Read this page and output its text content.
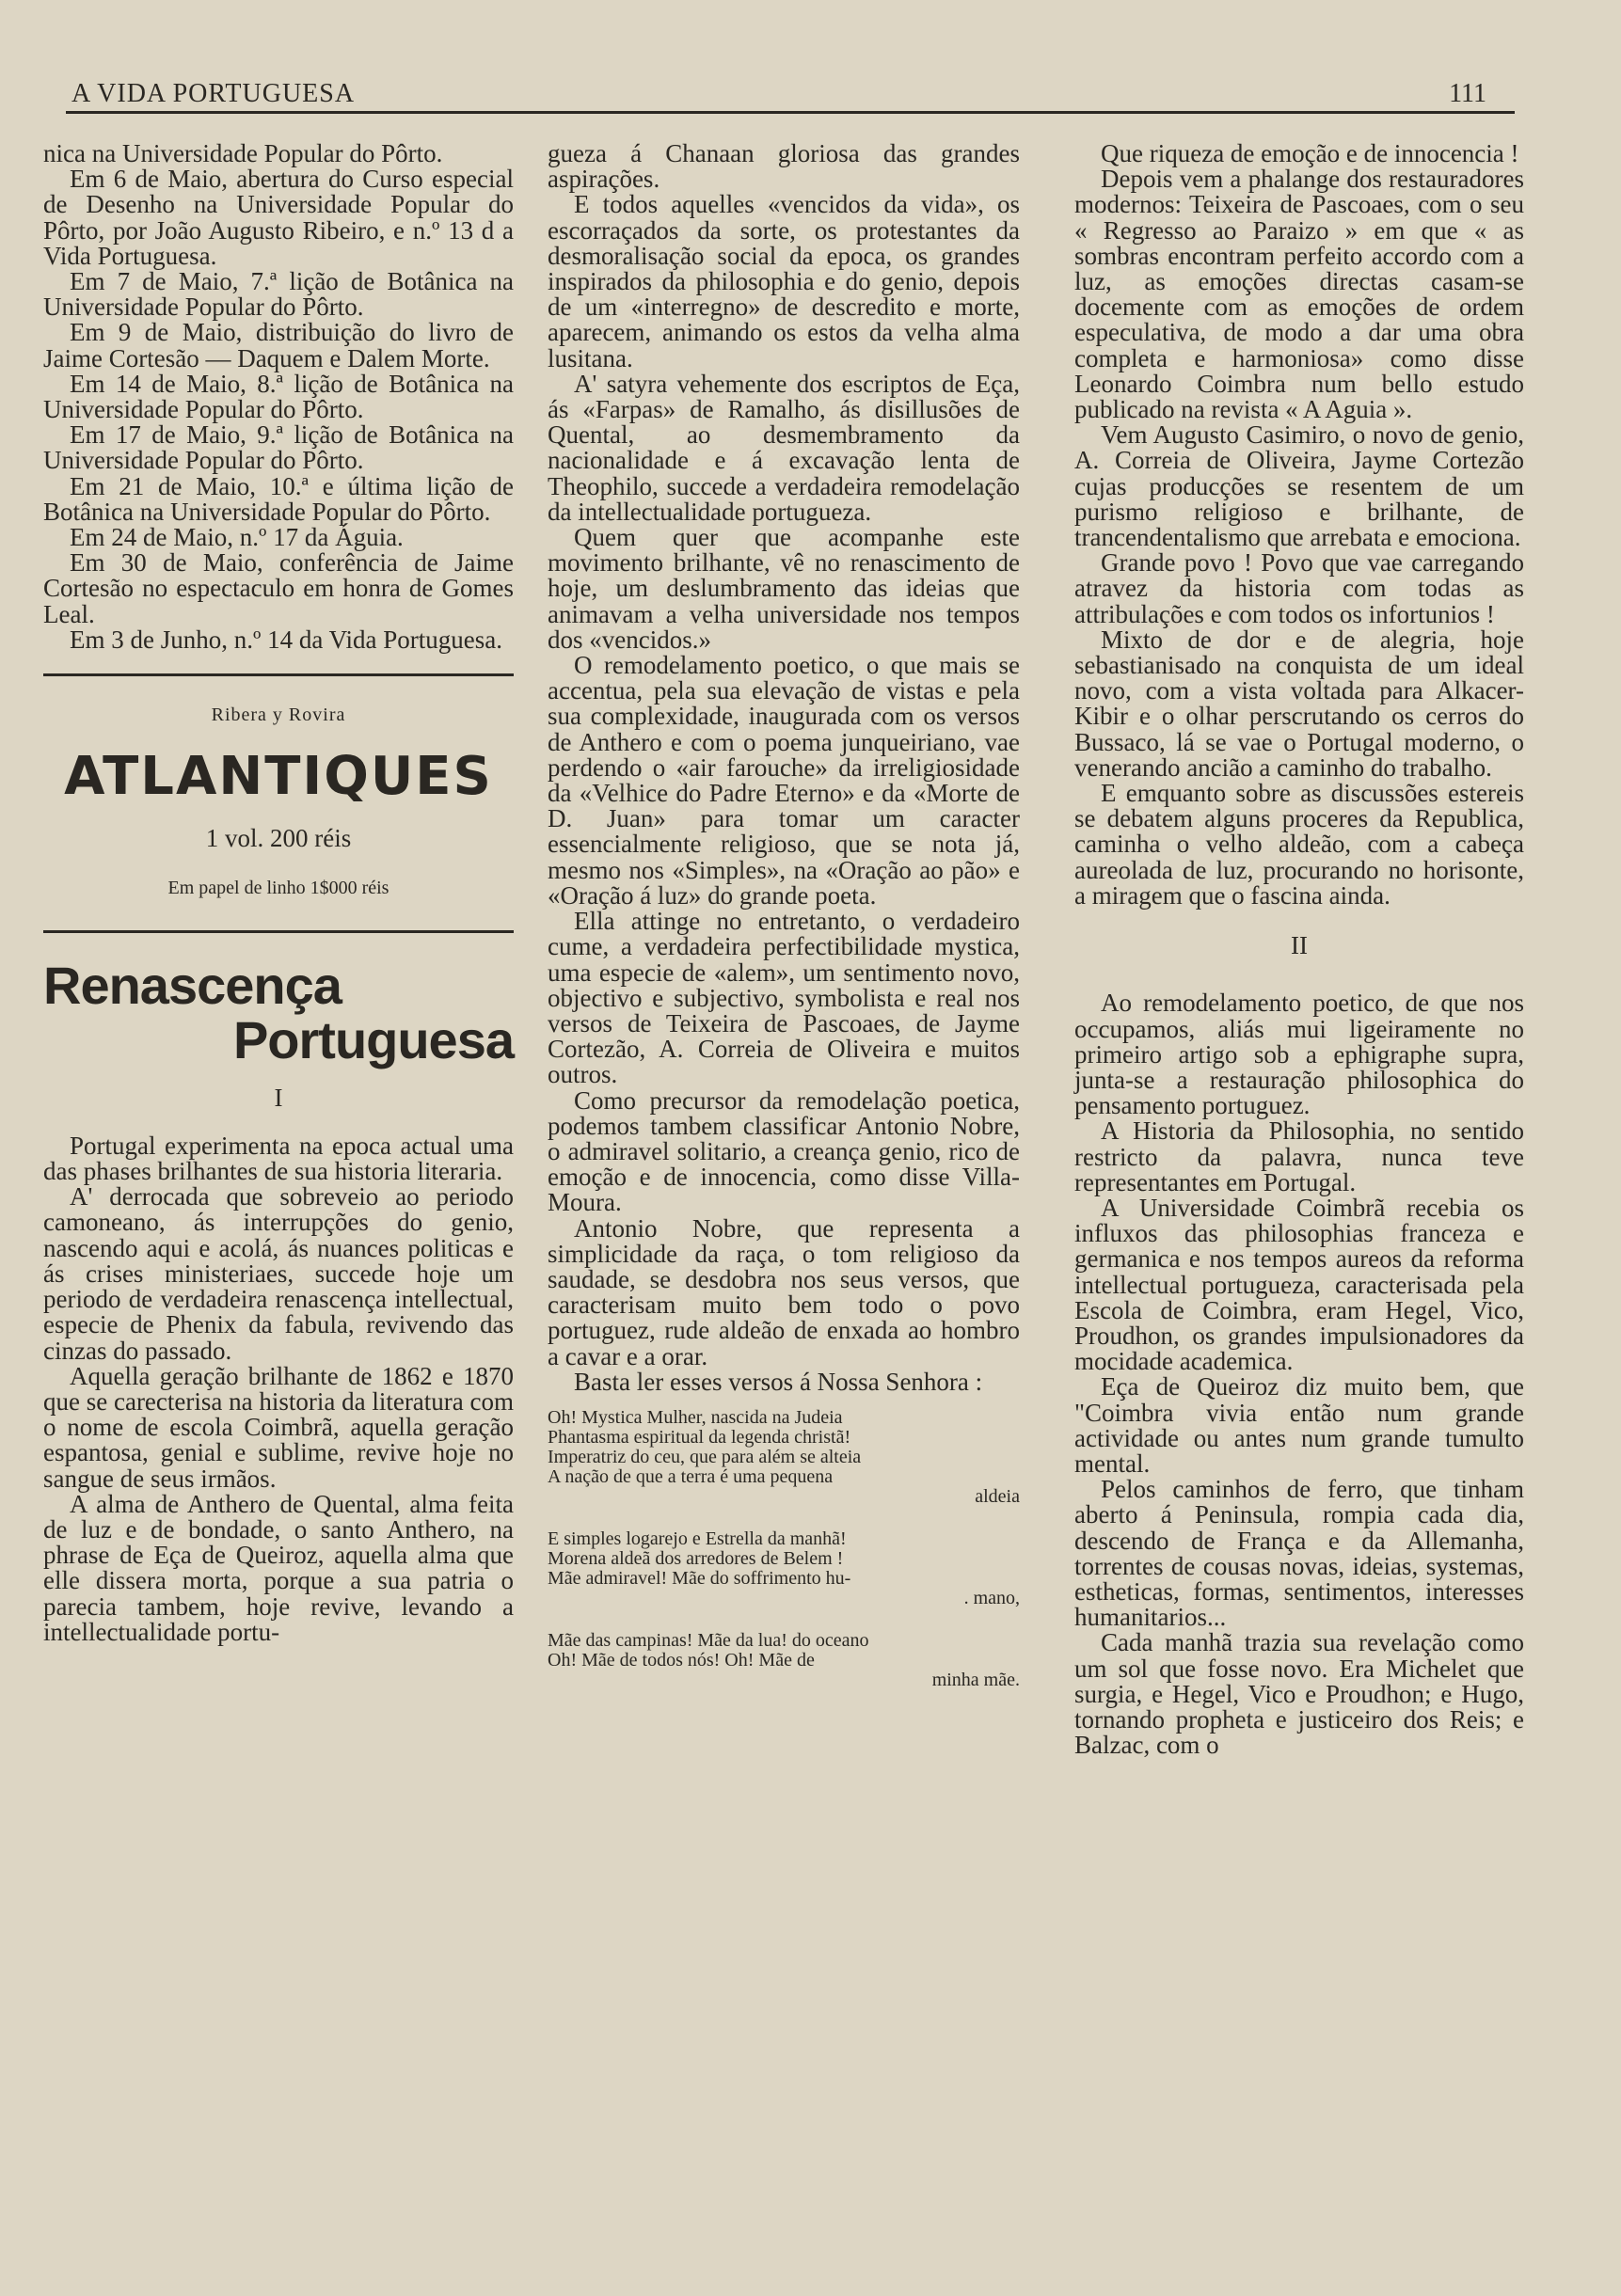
A VIDA PORTUGUESA	111

nica na Universidade Popular do Pôrto.

Em 6 de Maio, abertura do Curso especial de Desenho na Universidade Popular do Pôrto, por João Augusto Ribeiro, e n.º 13 d a Vida Portuguesa.

Em 7 de Maio, 7.ª lição de Botânica na Universidade Popular do Pôrto.

Em 9 de Maio, distribuição do livro de Jaime Cortesão — Daquem e Dalem Morte.

Em 14 de Maio, 8.ª lição de Botânica na Universidade Popular do Pôrto.

Em 17 de Maio, 9.ª lição de Botânica na Universidade Popular do Pôrto.

Em 21 de Maio, 10.ª e última lição de Botânica na Universidade Popular do Pôrto.

Em 24 de Maio, n.º 17 da Águia.

Em 30 de Maio, conferência de Jaime Cortesão no espectaculo em honra de Gomes Leal.

Em 3 de Junho, n.º 14 da Vida Portuguesa.

Ribera y Rovira
ATLANTIQUES
1 vol. 200 réis
Em papel de linho 1$000 réis
Renascença
Portuguesa
I

Portugal experimenta na epoca actual uma das phases brilhantes de sua historia literaria.

A' derrocada que sobreveio ao periodo camoneano, ás interrupções do genio, nascendo aqui e acolá, ás nuances politicas e ás crises ministeriaes, succede hoje um periodo de verdadeira renascença intellectual, especie de Phenix da fabula, revivendo das cinzas do passado.

Aquella geração brilhante de 1862 e 1870 que se carecterisa na historia da literatura com o nome de escola Coimbrã, aquella geração espantosa, genial e sublime, revive hoje no sangue de seus irmãos.

A alma de Anthero de Quental, alma feita de luz e de bondade, o santo Anthero, na phrase de Eça de Queiroz, aquella alma que elle dissera morta, porque a sua patria o parecia tambem, hoje revive, levando a intellectualidade portu-

gueza á Chanaan gloriosa das grandes aspirações.

E todos aquelles «vencidos da vida», os escorraçados da sorte, os protestantes da desmoralisação social da epoca, os grandes inspirados da philosophia e do genio, depois de um «interregno» de descredito e morte, aparecem, animando os estos da velha alma lusitana.

A' satyra vehemente dos escriptos de Eça, ás «Farpas» de Ramalho, ás disillusões de Quental, ao desmembramento da nacionalidade e á excavação lenta de Theophilo, succede a verdadeira remodelação da intellectualidade portugueza.

Quem quer que acompanhe este movimento brilhante, vê no renascimento de hoje, um deslumbramento das ideias que animavam a velha universidade nos tempos dos «vencidos.»

O remodelamento poetico, o que mais se accentua, pela sua elevação de vistas e pela sua complexidade, inaugurada com os versos de Anthero e com o poema junqueiriano, vae perdendo o «air farouche» da irreligiosidade da «Velhice do Padre Eterno» e da «Morte de D. Juan» para tomar um caracter essencialmente religioso, que se nota já, mesmo nos «Simples», na «Oração ao pão» e «Oração á luz» do grande poeta.

Ella attinge no entretanto, o verdadeiro cume, a verdadeira perfectibilidade mystica, uma especie de «alem», um sentimento novo, objectivo e subjectivo, symbolista e real nos versos de Teixeira de Pascoaes, de Jayme Cortezão, A. Correia de Oliveira e muitos outros.

Como precursor da remodelação poetica, podemos tambem classificar Antonio Nobre, o admiravel solitario, a creança genio, rico de emoção e de innocencia, como disse Villa-Moura.

Antonio Nobre, que representa a simplicidade da raça, o tom religioso da saudade, se desdobra nos seus versos, que caracterisam muito bem todo o povo portuguez, rude aldeão de enxada ao hombro a cavar e a orar.

Basta ler esses versos á Nossa Senhora :

Oh! Mystica Mulher, nascida na Judeia
Phantasma espiritual da legenda christã!
Imperatriz do ceu, que para além se alteia
A nação de que a terra é uma pequena
aldeia
E simples logarejo e Estrella da manhã!
Morena aldeã dos arredores de Belem !
Mãe admiravel! Mãe do soffrimento hu-
. mano,
Mãe das campinas! Mãe da lua! do oceano
Oh! Mãe de todos nós! Oh! Mãe de
minha mãe.

Que riqueza de emoção e de innocencia !

Depois vem a phalange dos restauradores modernos: Teixeira de Pascoaes, com o seu « Regresso ao Paraizo » em que « as sombras encontram perfeito accordo com a luz, as emoções directas casam-se docemente com as emoções de ordem especulativa, de modo a dar uma obra completa e harmoniosa» como disse Leonardo Coimbra num bello estudo publicado na revista « A Aguia ».

Vem Augusto Casimiro, o novo de genio, A. Correia de Oliveira, Jayme Cortezão cujas producções se resentem de um purismo religioso e brilhante, de trancendentalismo que arrebata e emociona.

Grande povo ! Povo que vae carregando atravez da historia com todas as attribulações e com todos os infortunios !

Mixto de dor e de alegria, hoje sebastianisado na conquista de um ideal novo, com a vista voltada para Alkacer-Kibir e o olhar perscrutando os cerros do Bussaco, lá se vae o Portugal moderno, o venerando ancião a caminho do trabalho.

E emquanto sobre as discussões estereis se debatem alguns proceres da Republica, caminha o velho aldeão, com a cabeça aureolada de luz, procurando no horisonte, a miragem que o fascina ainda.

II

Ao remodelamento poetico, de que nos occupamos, aliás mui ligeiramente no primeiro artigo sob a ephigraphe supra, junta-se a restauração philosophica do pensamento portuguez.

A Historia da Philosophia, no sentido restricto da palavra, nunca teve representantes em Portugal.

A Universidade Coimbrã recebia os influxos das philosophias franceza e germanica e nos tempos aureos da reforma intellectual portugueza, caracterisada pela Escola de Coimbra, eram Hegel, Vico, Proudhon, os grandes impulsionadores da mocidade academica.

Eça de Queiroz diz muito bem, que "Coimbra vivia então num grande actividade ou antes num grande tumulto mental.

Pelos caminhos de ferro, que tinham aberto á Peninsula, rompia cada dia, descendo de França e da Allemanha, torrentes de cousas novas, ideias, systemas, estheticas, formas, sentimentos, interesses humanitarios...

Cada manhã trazia sua revelação como um sol que fosse novo. Era Michelet que surgia, e Hegel, Vico e Proudhon; e Hugo, tornando propheta e justiceiro dos Reis; e Balzac, com o
